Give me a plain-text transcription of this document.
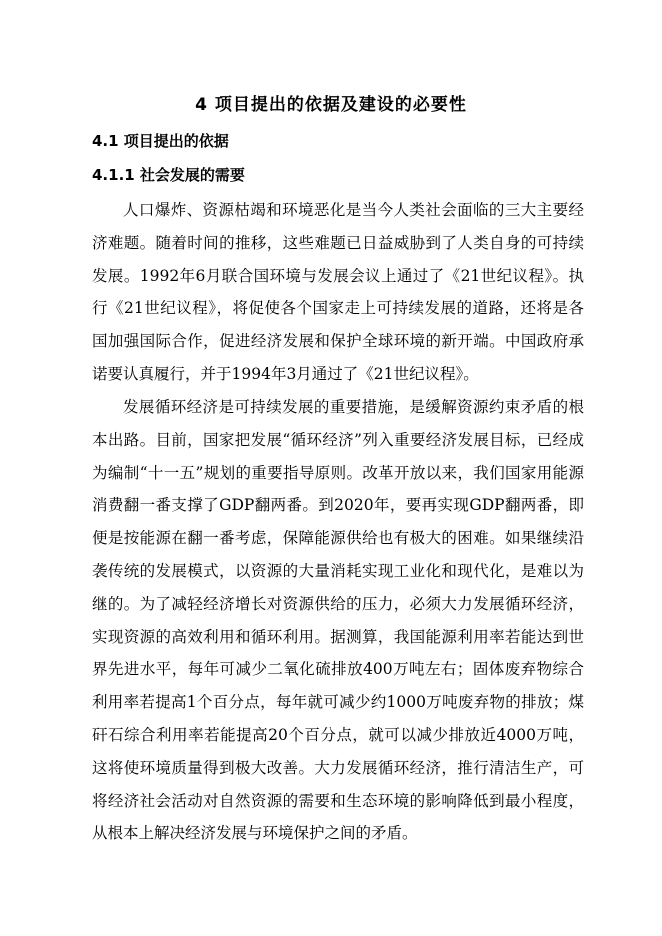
4 项目提出的依据及建设的必要性
4.1 项目提出的依据
4.1.1 社会发展的需要

人口爆炸、资源枯竭和环境恶化是当今人类社会面临的三大主要经济难题。随着时间的推移，这些难题已日益威胁到了人类自身的可持续发展。1992年6月联合国环境与发展会议上通过了《21世纪议程》。执行《21世纪议程》，将促使各个国家走上可持续发展的道路，还将是各国加强国际合作，促进经济发展和保护全球环境的新开端。中国政府承诺要认真履行，并于1994年3月通过了《21世纪议程》。

发展循环经济是可持续发展的重要措施，是缓解资源约束矛盾的根本出路。目前，国家把发展“循环经济”列入重要经济发展目标，已经成为编制“十一五”规划的重要指导原则。改革开放以来，我们国家用能源消费翻一番支撑了GDP翻两番。到2020年，要再实现GDP翻两番，即便是按能源在翻一番考虑，保障能源供给也有极大的困难。如果继续沿袭传统的发展模式，以资源的大量消耗实现工业化和现代化，是难以为继的。为了减轻经济增长对资源供给的压力，必须大力发展循环经济，实现资源的高效利用和循环利用。据测算，我国能源利用率若能达到世界先进水平，每年可减少二氧化硫排放400万吨左右；固体废弃物综合利用率若提高1个百分点，每年就可减少约1000万吨废弃物的排放；煤矸石综合利用率若能提高20个百分点，就可以减少排放近4000万吨，这将使环境质量得到极大改善。大力发展循环经济，推行清洁生产，可将经济社会活动对自然资源的需要和生态环境的影响降低到最小程度，从根本上解决经济发展与环境保护之间的矛盾。
